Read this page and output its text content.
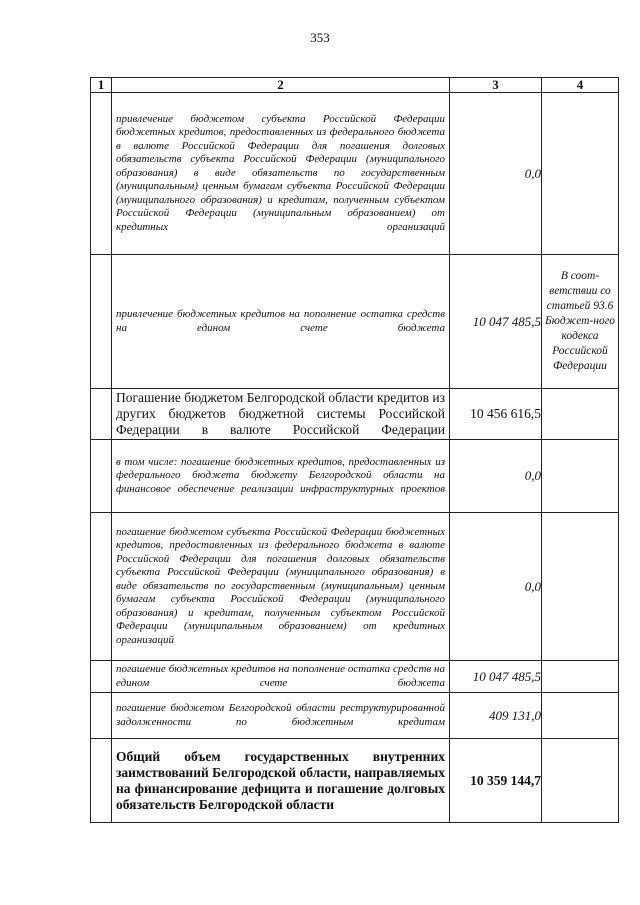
353
1	2	3	4

	привлечение бюджетом субъекта Российской Федерации бюджетных кредитов, предоставленных из федерального бюджета в валюте Российской Федерации для погашения долговых обязательств субъекта Российской Федерации (муниципального образования) в виде обязательств по государственным (муниципальным) ценным бумагам субъекта Российской Федерации (муниципального образования) и кредитам, полученным субъектом Российской Федерации (муниципальным образованием) от кредитных организаций	0,0	

	привлечение бюджетных кредитов на пополнение остатка средств на едином счете бюджета	10 047 485,5	В соот-ветствии со статьей 93.6 Бюджет-ного кодекса Российской Федерации

	Погашение бюджетом Белгородской области кредитов из других бюджетов бюджетной системы Российской Федерации в валюте Российской Федерации	10 456 616,5	

	в том числе: погашение бюджетных кредитов, предоставленных из федерального бюджета бюджету Белгородской области на финансовое обеспечение реализации инфраструктурных проектов	0,0	

	погашение бюджетом субъекта Российской Федерации бюджетных кредитов, предоставленных из федерального бюджета в валюте Российской Федерации для погашения долговых обязательств субъекта Российской Федерации (муниципального образования) в виде обязательств по государственным (муниципальным) ценным бумагам субъекта Российской Федерации (муниципального образования) и кредитам, полученным субъектом Российской Федерации (муниципальным образованием) от кредитных организаций	0,0	

	погашение бюджетных кредитов на пополнение остатка средств на едином счете бюджета	10 047 485,5	

	погашение бюджетом Белгородской области реструктурированной задолженности по бюджетным кредитам	409 131,0	

	Общий объем государственных внутренних заимствований Белгородской области, направляемых на финансирование дефицита и погашение долговых обязательств Белгородской области	10 359 144,7	
